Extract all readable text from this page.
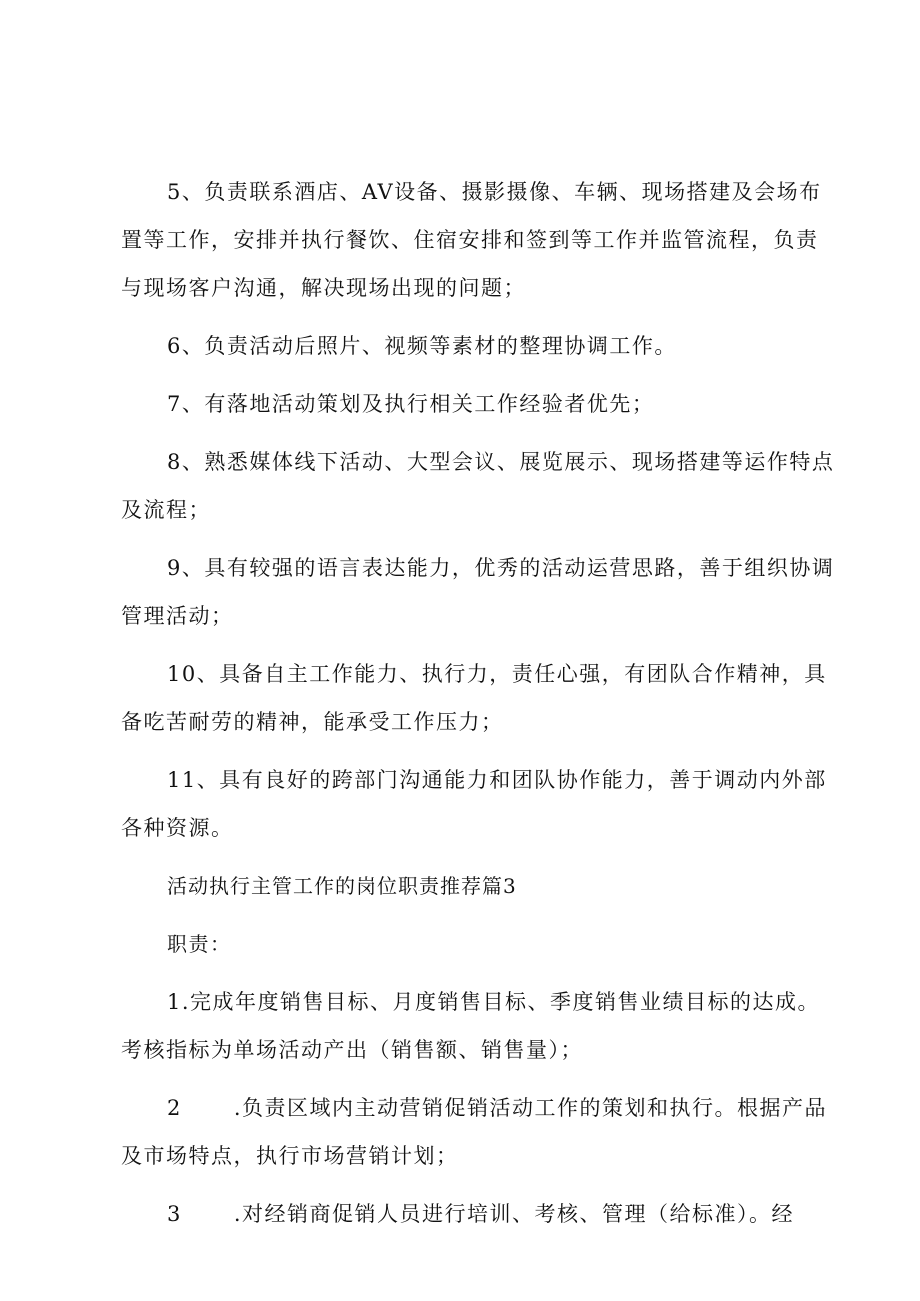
5、负责联系酒店、AV设备、摄影摄像、车辆、现场搭建及会场布置等工作，安排并执行餐饮、住宿安排和签到等工作并监管流程，负责与现场客户沟通，解决现场出现的问题；

6、负责活动后照片、视频等素材的整理协调工作。

7、有落地活动策划及执行相关工作经验者优先；

8、熟悉媒体线下活动、大型会议、展览展示、现场搭建等运作特点及流程；

9、具有较强的语言表达能力，优秀的活动运营思路，善于组织协调管理活动；

10、具备自主工作能力、执行力，责任心强，有团队合作精神，具备吃苦耐劳的精神，能承受工作压力；

11、具有良好的跨部门沟通能力和团队协作能力，善于调动内外部各种资源。

活动执行主管工作的岗位职责推荐篇3

职责：

1.完成年度销售目标、月度销售目标、季度销售业绩目标的达成。考核指标为单场活动产出（销售额、销售量）；

2 .负责区域内主动营销促销活动工作的策划和执行。根据产品及市场特点，执行市场营销计划；

3 .对经销商促销人员进行培训、考核、管理（给标准）。经
